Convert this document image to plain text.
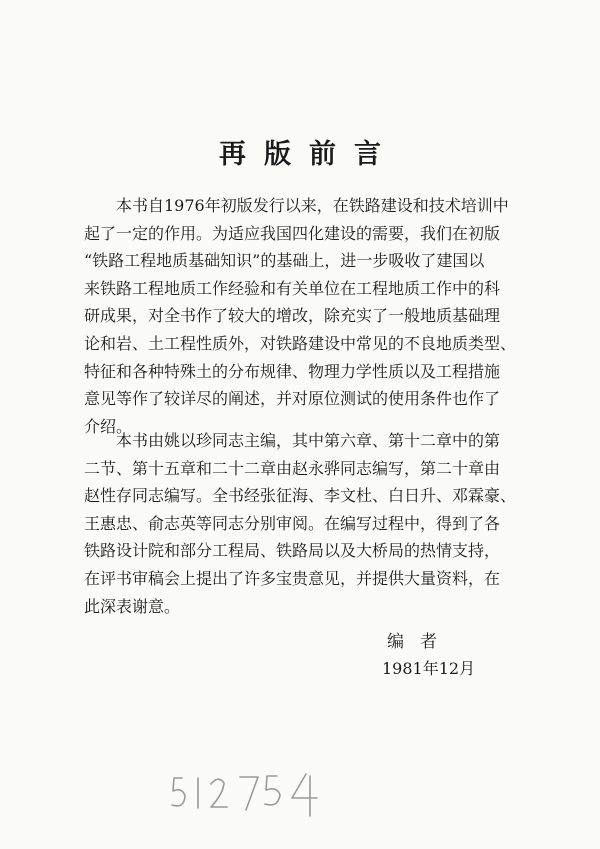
再版前言
本书自1976年初版发行以来，在铁路建设和技术培训中
起了一定的作用。为适应我国四化建设的需要，我们在初版
“铁路工程地质基础知识”的基础上，进一步吸收了建国以
来铁路工程地质工作经验和有关单位在工程地质工作中的科
研成果，对全书作了较大的增改，除充实了一般地质基础理
论和岩、土工程性质外，对铁路建设中常见的不良地质类型、
特征和各种特殊土的分布规律、物理力学性质以及工程措施
意见等作了较详尽的阐述，并对原位测试的使用条件也作了
介绍。
本书由姚以珍同志主编，其中第六章、第十二章中的第
二节、第十五章和二十二章由赵永骅同志编写，第二十章由
赵性存同志编写。全书经张征海、李文杜、白日升、邓霖豪、
王惠忠、俞志英等同志分别审阅。在编写过程中，得到了各
铁路设计院和部分工程局、铁路局以及大桥局的热情支持，
在评书审稿会上提出了许多宝贵意见，并提供大量资料，在
此深表谢意。
编者
1981年12月
